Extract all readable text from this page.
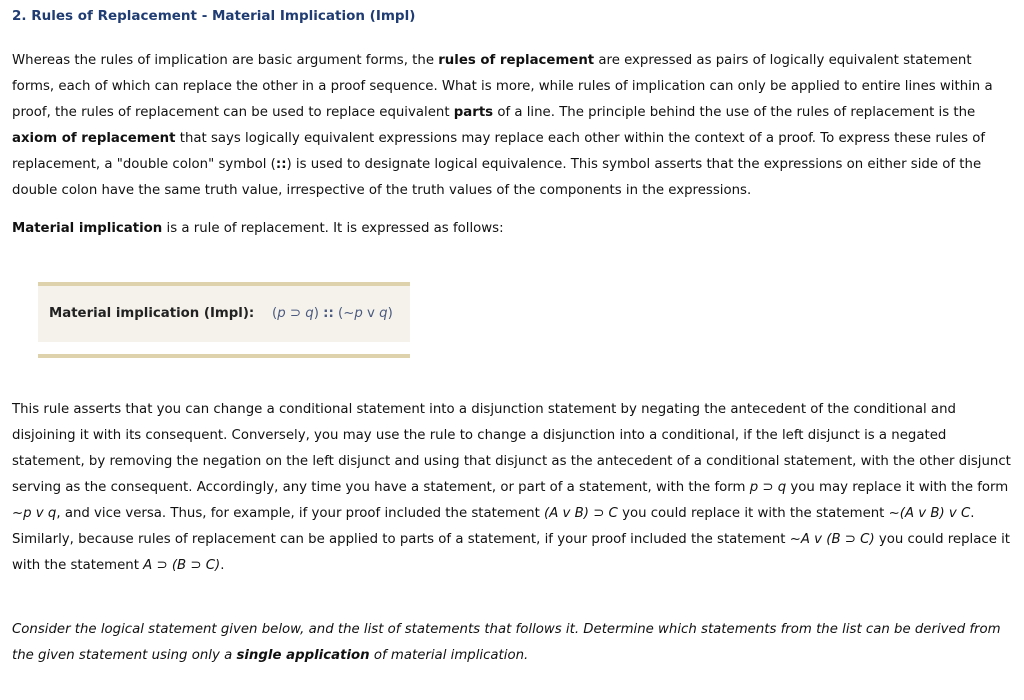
2. Rules of Replacement - Material Implication (Impl)

Whereas the rules of implication are basic argument forms, the rules of replacement are expressed as pairs of logically equivalent statement forms, each of which can replace the other in a proof sequence. What is more, while rules of implication can only be applied to entire lines within a proof, the rules of replacement can be used to replace equivalent parts of a line. The principle behind the use of the rules of replacement is the axiom of replacement that says logically equivalent expressions may replace each other within the context of a proof. To express these rules of replacement, a "double colon" symbol (::) is used to designate logical equivalence. This symbol asserts that the expressions on either side of the double colon have the same truth value, irrespective of the truth values of the components in the expressions.

Material implication is a rule of replacement. It is expressed as follows:

Material implication (Impl): (p ⊃ q) :: (~p v q)

This rule asserts that you can change a conditional statement into a disjunction statement by negating the antecedent of the conditional and disjoining it with its consequent. Conversely, you may use the rule to change a disjunction into a conditional, if the left disjunct is a negated statement, by removing the negation on the left disjunct and using that disjunct as the antecedent of a conditional statement, with the other disjunct serving as the consequent. Accordingly, any time you have a statement, or part of a statement, with the form p ⊃ q you may replace it with the form ~p v q, and vice versa. Thus, for example, if your proof included the statement (A v B) ⊃ C you could replace it with the statement ~(A v B) v C. Similarly, because rules of replacement can be applied to parts of a statement, if your proof included the statement ~A v (B ⊃ C) you could replace it with the statement A ⊃ (B ⊃ C).

Consider the logical statement given below, and the list of statements that follows it. Determine which statements from the list can be derived from the given statement using only a single application of material implication.
